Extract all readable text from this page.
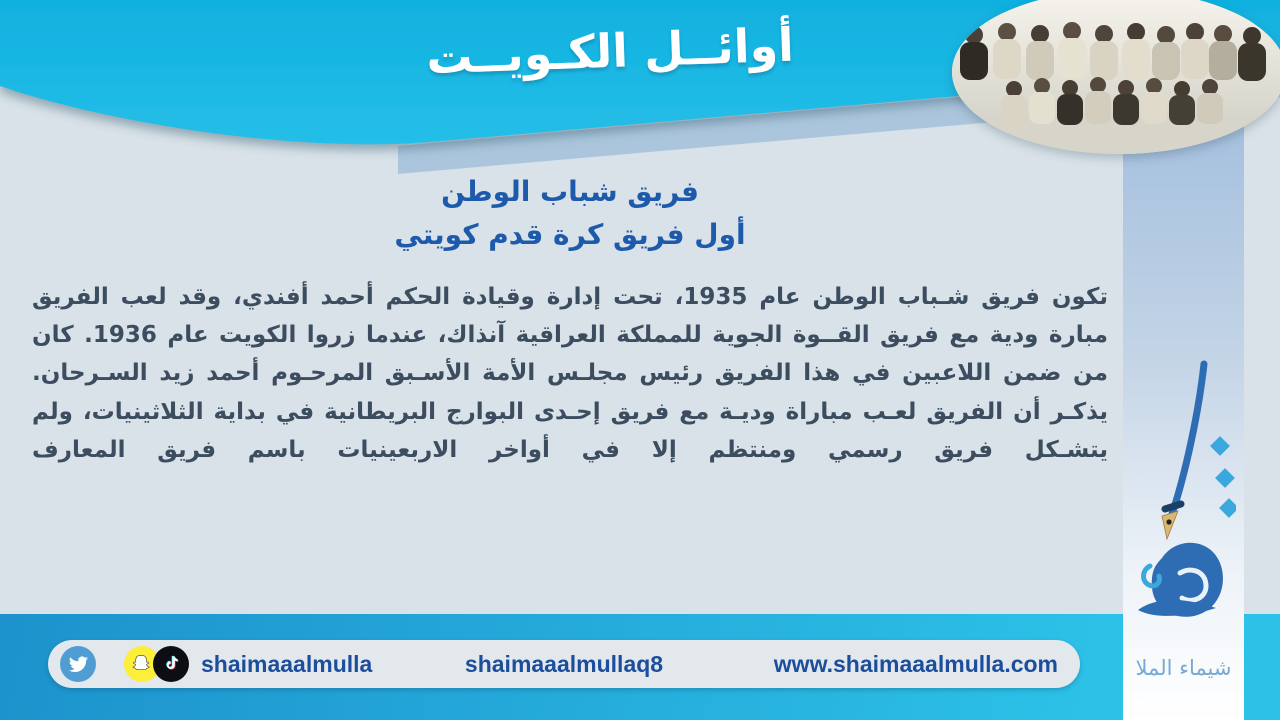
أوائــل الكـويــت
شيماء الملا
فريق شباب الوطن
أول فريق كرة قدم كويتي
تكون فريق شـباب الوطن عام 1935، تحت إدارة وقيادة الحكم أحمد أفندي، وقد لعب الفريق مبارة ودية مع فريق القــوة الجوية للمملكة العراقية آنذاك، عندما زروا الكويت عام 1936. كان من ضمن اللاعبين في هذا الفريق رئيس مجلـس الأمة الأسـبق المرحـوم أحمد زيد السـرحان. يذكـر أن الفريق لعـب مباراة وديـة مع فريق إحـدى البوارج البريطانية في بداية الثلاثينيات، ولم يتشـكل فريق رسمي ومنتظم إلا في أواخر الاربعينيات باسم فريق المعارف
shaimaaalmulla	shaimaaalmullaq8	www.shaimaaalmulla.com
